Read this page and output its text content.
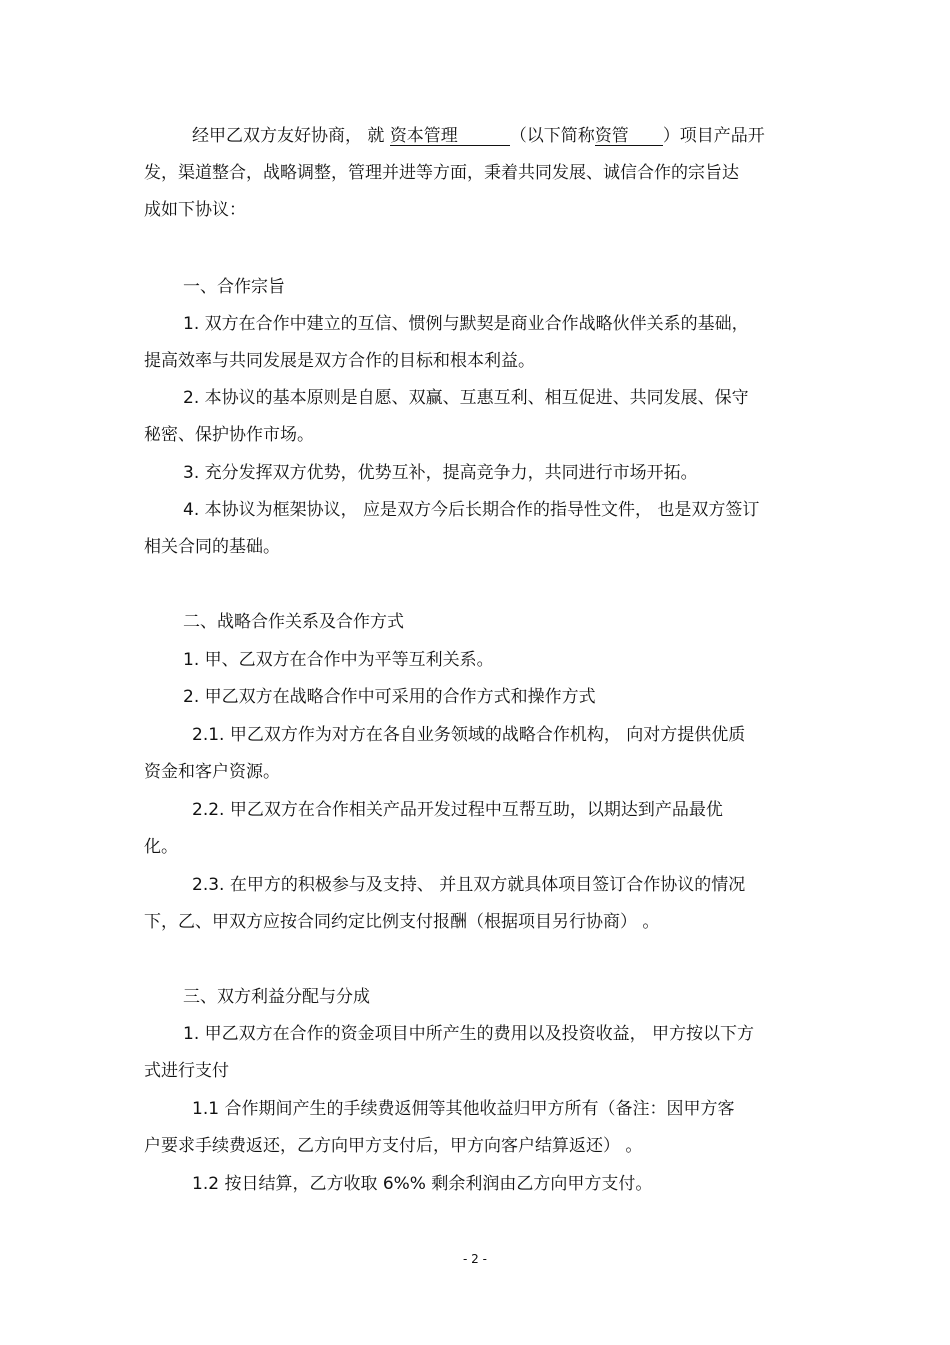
经甲乙双方友好协商， 就 资本管理	（以下简称资管 ）项目产品开

发，渠道整合，战略调整，管理并进等方面，秉着共同发展、诚信合作的宗旨达

成如下协议：

一、合作宗旨

1. 双方在合作中建立的互信、惯例与默契是商业合作战略伙伴关系的基础，

提高效率与共同发展是双方合作的目标和根本利益。

2. 本协议的基本原则是自愿、双赢、互惠互利、相互促进、共同发展、保守

秘密、保护协作市场。

3. 充分发挥双方优势，优势互补，提高竞争力，共同进行市场开拓。

4. 本协议为框架协议， 应是双方今后长期合作的指导性文件， 也是双方签订

相关合同的基础。

二、战略合作关系及合作方式

1. 甲、乙双方在合作中为平等互利关系。

2. 甲乙双方在战略合作中可采用的合作方式和操作方式

2.1. 甲乙双方作为对方在各自业务领域的战略合作机构， 向对方提供优质

资金和客户资源。

2.2. 甲乙双方在合作相关产品开发过程中互帮互助，以期达到产品最优

化。

2.3. 在甲方的积极参与及支持、 并且双方就具体项目签订合作协议的情况

下，乙、甲双方应按合同约定比例支付报酬（根据项目另行协商） 。

三、双方利益分配与分成

1. 甲乙双方在合作的资金项目中所产生的费用以及投资收益， 甲方按以下方

式进行支付

1.1 合作期间产生的手续费返佣等其他收益归甲方所有（备注：因甲方客

户要求手续费返还，乙方向甲方支付后，甲方向客户结算返还） 。

1.2 按日结算，乙方收取 6%% 剩余利润由乙方向甲方支付。

- 2 -
